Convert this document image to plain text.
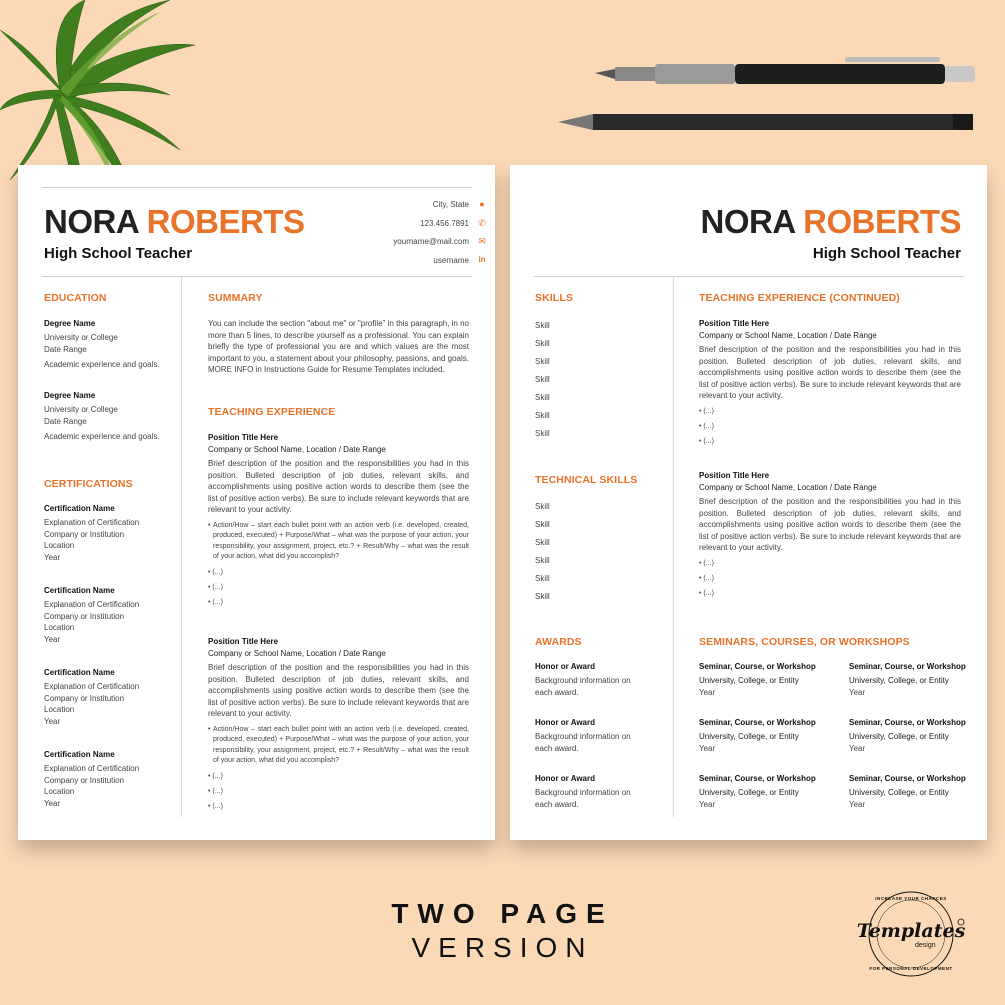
NORA ROBERTS
High School Teacher
City, State ●
123.456.7891 ✆
yourname@mail.com ✉
username in
EDUCATION
Degree Name
University or College
Date Range
Academic experience and goals.
Degree Name
University or College
Date Range
Academic experience and goals.
CERTIFICATIONS
Certification Name
Explanation of Certification
Company or Institution
Location
Year
Certification Name
Explanation of Certification
Company or Institution
Location
Year
Certification Name
Explanation of Certification
Company or Institution
Location
Year
Certification Name
Explanation of Certification
Company or Institution
Location
Year
SUMMARY
You can include the section "about me" or "profile" in this paragraph, in no more than 5 lines, to describe yourself as a professional. You can explain briefly the type of professional you are and which values are the most important to you, a statement about your philosophy, passions, and goals. MORE INFO in Instructions Guide for Resume Templates included.
TEACHING EXPERIENCE
Position Title Here
Company or School Name, Location / Date Range
Brief description of the position and the responsibilities you had in this position. Bulleted description of job duties, relevant skills, and accomplishments using positive action words to describe them (see the list of positive action verbs). Be sure to include relevant keywords that are relevant to your activity.
• Action/How – start each bullet point with an action verb (i.e. developed, created, produced, executed) + Purpose/What – what was the purpose of your action, your responsibility, your assignment, project, etc.? + Result/Why – what was the result of your action, what did you accomplish?
• (...)
• (...)
• (...)
Position Title Here
Company or School Name, Location / Date Range
Brief description of the position and the responsibilities you had in this position. Bulleted description of job duties, relevant skills, and accomplishments using positive action words to describe them (see the list of positive action verbs). Be sure to include relevant keywords that are relevant to your activity.
• Action/How – start each bullet point with an action verb (i.e. developed, created, produced, executed) + Purpose/What – what was the purpose of your action, your responsibility, your assignment, project, etc.? + Result/Why – what was the result of your action, what did you accomplish?
• (...)
• (...)
• (...)
NORA ROBERTS
High School Teacher
SKILLS
Skill
Skill
Skill
Skill
Skill
Skill
Skill
TECHNICAL SKILLS
Skill
Skill
Skill
Skill
Skill
Skill
AWARDS
Honor or Award
Background information on
each award.
Honor or Award
Background information on
each award.
Honor or Award
Background information on
each award.
TEACHING EXPERIENCE (CONTINUED)
Position Title Here
Company or School Name, Location / Date Range
Brief description of the position and the responsibilities you had in this position. Bulleted description of job duties, relevant skills, and accomplishments using positive action words to describe them (see the list of positive action verbs). Be sure to include relevant keywords that are relevant to your activity.
• (...)
• (...)
• (...)
Position Title Here
Company or School Name, Location / Date Range
Brief description of the position and the responsibilities you had in this position. Bulleted description of job duties, relevant skills, and accomplishments using positive action words to describe them (see the list of positive action verbs). Be sure to include relevant keywords that are relevant to your activity.
• (...)
• (...)
• (...)
SEMINARS, COURSES, OR WORKSHOPS
Seminar, Course, or Workshop
University, College, or Entity
Year
Seminar, Course, or Workshop
University, College, or Entity
Year
Seminar, Course, or Workshop
University, College, or Entity
Year
Seminar, Course, or Workshop
University, College, or Entity
Year
Seminar, Course, or Workshop
University, College, or Entity
Year
Seminar, Course, or Workshop
University, College, or Entity
Year
TWO PAGE
VERSION
Templates
design
INCREASE YOUR CHANCES
FOR PERSONAL DEVELOPMENT
